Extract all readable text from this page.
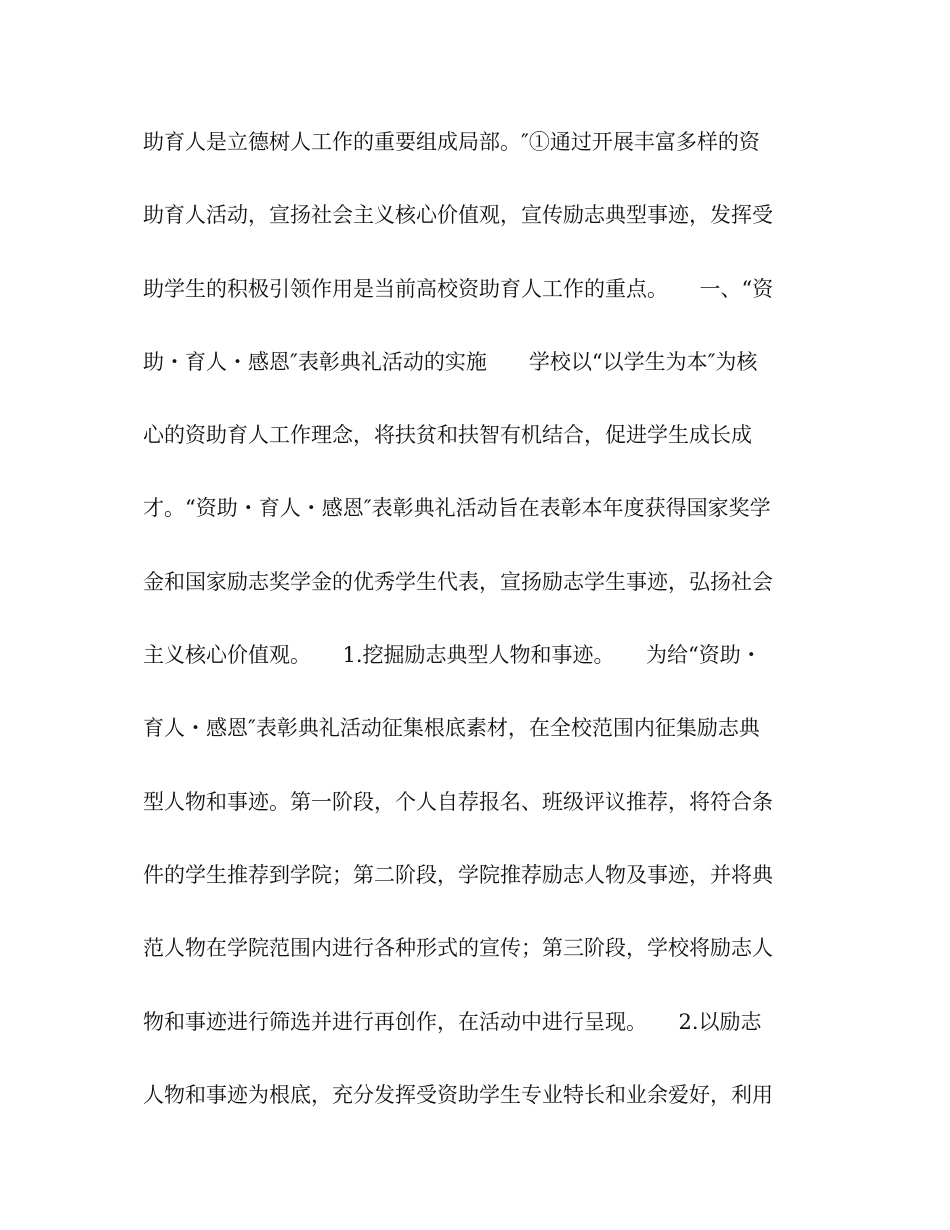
助育人是立德树人工作的重要组成局部。″①通过开展丰富多样的资
助育人活动，宣扬社会主义核心价值观，宣传励志典型事迹，发挥受
助学生的积极引领作用是当前高校资助育人工作的重点。　　一、“资
助・育人・感恩″表彰典礼活动的实施　　学校以“以学生为本″为核
心的资助育人工作理念，将扶贫和扶智有机结合，促进学生成长成
才。“资助・育人・感恩″表彰典礼活动旨在表彰本年度获得国家奖学
金和国家励志奖学金的优秀学生代表，宣扬励志学生事迹，弘扬社会
主义核心价值观。　　1.挖掘励志典型人物和事迹。　　为给“资助・
育人・感恩″表彰典礼活动征集根底素材，在全校范围内征集励志典
型人物和事迹。第一阶段，个人自荐报名、班级评议推荐，将符合条
件的学生推荐到学院；第二阶段，学院推荐励志人物及事迹，并将典
范人物在学院范围内进行各种形式的宣传；第三阶段，学校将励志人
物和事迹进行筛选并进行再创作，在活动中进行呈现。　　2.以励志
人物和事迹为根底，充分发挥受资助学生专业特长和业余爱好，利用
